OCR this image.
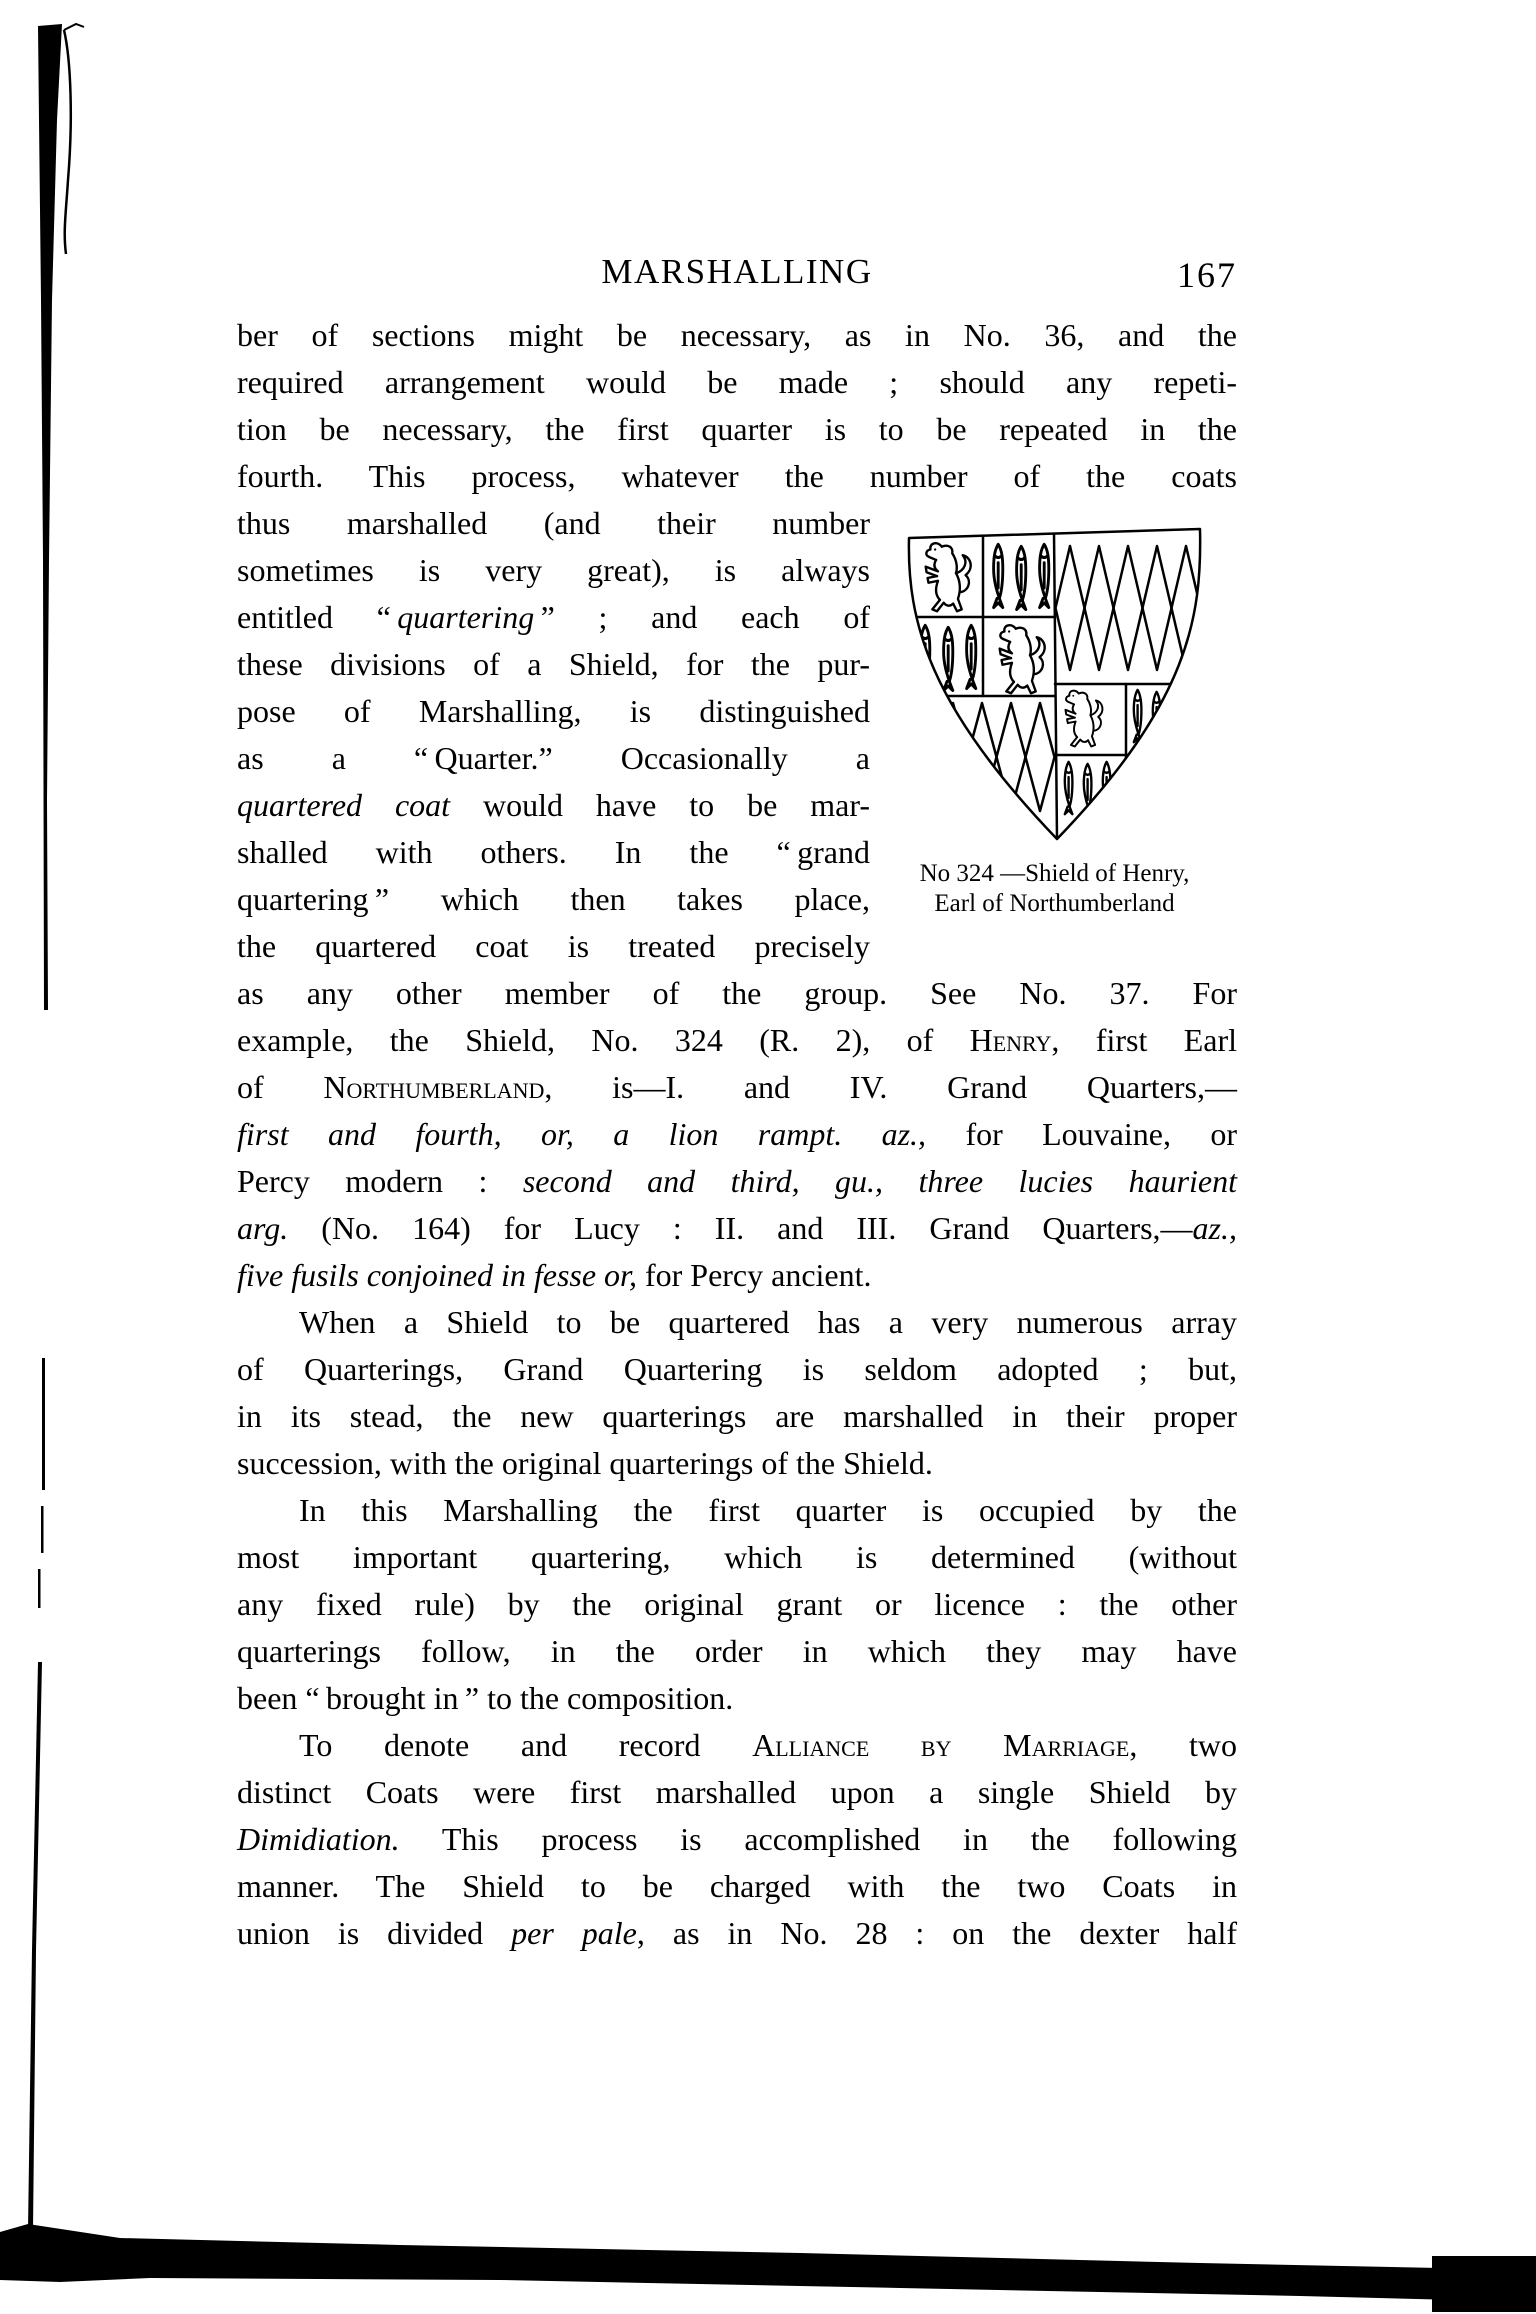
MARSHALLING	167
ber of sections might be necessary, as in No. 36, and the
required arrangement would be made ; should any repeti-
tion be necessary, the first quarter is to be repeated in the
fourth. This process, whatever the number of the coats
thus marshalled (and their number
sometimes is very great), is always
entitled “ quartering ” ; and each of
these divisions of a Shield, for the pur-
pose of Marshalling, is distinguished
as a “ Quarter.” Occasionally a
quartered coat would have to be mar-
shalled with others. In the “ grand
quartering ” which then takes place,
the quartered coat is treated precisely
as any other member of the group. See No. 37. For
example, the Shield, No. 324 (R. 2), of Henry, first Earl
of Northumberland, is—I. and IV. Grand Quarters,—
first and fourth, or, a lion rampt. az., for Louvaine, or
Percy modern : second and third, gu., three lucies haurient
arg. (No. 164) for Lucy : II. and III. Grand Quarters,—az.,
five fusils conjoined in fesse or, for Percy ancient.
When a Shield to be quartered has a very numerous array
of Quarterings, Grand Quartering is seldom adopted ; but,
in its stead, the new quarterings are marshalled in their proper
succession, with the original quarterings of the Shield.
In this Marshalling the first quarter is occupied by the
most important quartering, which is determined (without
any fixed rule) by the original grant or licence : the other
quarterings follow, in the order in which they may have
been “ brought in ” to the composition.
To denote and record Alliance by Marriage, two
distinct Coats were first marshalled upon a single Shield by
Dimidiation. This process is accomplished in the following
manner. The Shield to be charged with the two Coats in
union is divided per pale, as in No. 28 : on the dexter half
No 324 —Shield of Henry,
Earl of Northumberland
